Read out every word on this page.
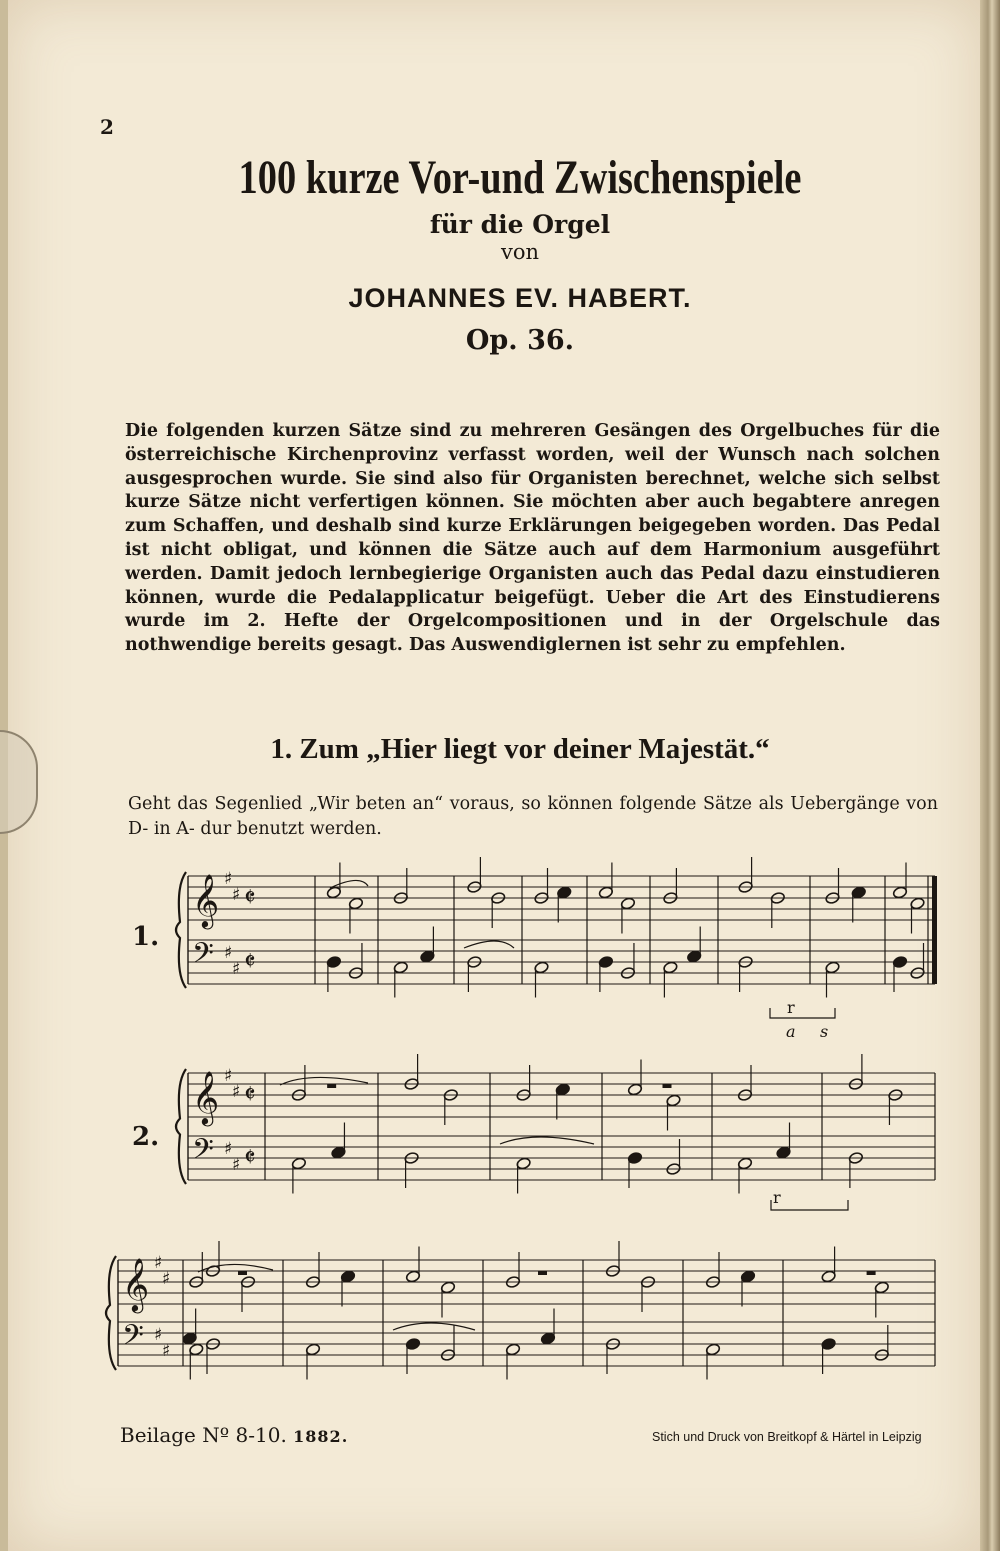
2
100 kurze Vor-und Zwischenspiele
für die Orgel
von
JOHANNES EV. HABERT.
Op. 36.

Die folgenden kurzen Sätze sind zu mehreren Gesängen des Orgelbuches für die österreichische Kirchenprovinz verfasst worden, weil der Wunsch nach solchen ausgesprochen wurde. Sie sind also für Organisten berechnet, welche sich selbst kurze Sätze nicht verfertigen können. Sie möchten aber auch begabtere anregen zum Schaffen, und deshalb sind kurze Erklärungen beigegeben worden. Das Pedal ist nicht obligat, und können die Sätze auch auf dem Harmonium ausgeführt werden. Damit jedoch lernbegierige Organisten auch das Pedal dazu einstudieren können, wurde die Pedalapplicatur beigefügt. Ueber die Art des Einstudierens wurde im 2. Hefte der Orgelcompositionen und in der Orgelschule das nothwendige bereits gesagt. Das Auswendiglernen ist sehr zu empfehlen.

1. Zum „Hier liegt vor deiner Majestät.“

Geht das Segenlied „Wir beten an“ voraus, so können folgende Sätze als Uebergänge von D- in A- dur benutzt werden.

𝄞
𝄢
♯
♯
♯
♯
𝄵
𝄵
1.
𝄞
𝄢
♯
♯
♯
♯
𝄵
𝄵
2.
𝄞
𝄢
♯
♯
♯
♯
r
a s
r
Beilage Nº 8-10. 1882.	Stich und Druck von Breitkopf & Härtel in Leipzig
